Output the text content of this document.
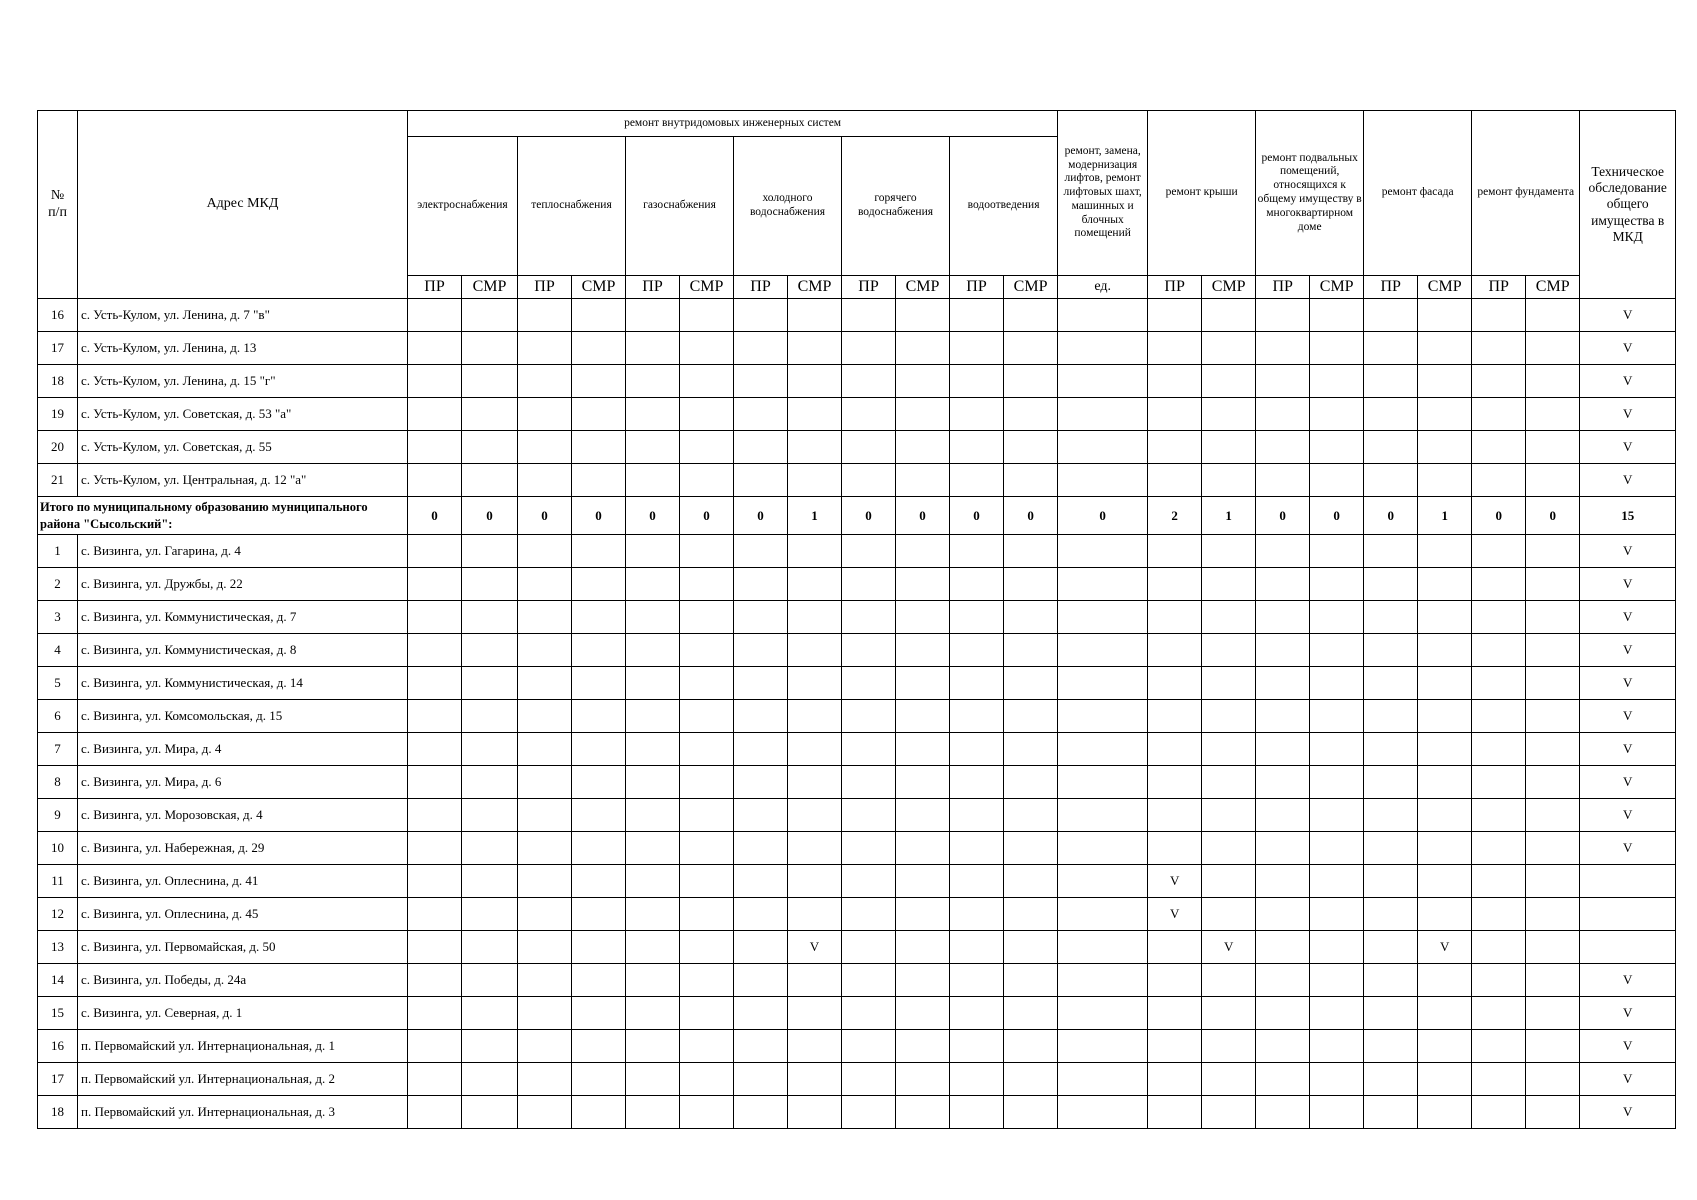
№
п/п	Адрес МКД	ремонт внутридомовых инженерных систем												ремонт, замена, модернизация лифтов, ремонт лифтовых шахт, машинных и блочных помещений	ремонт крыши		ремонт подвальных помещений, относящихся к общему имуществу в многоквартирном доме		ремонт фасада		ремонт фундамента		Техническое обследование общего имущества в МКД
		электроснабжения		теплоснабжения		газоснабжения		холодного водоснабжения		горячего водоснабжения		водоотведения											
		ПР	СМР	ПР	СМР	ПР	СМР	ПР	СМР	ПР	СМР	ПР	СМР	ед.	ПР	СМР	ПР	СМР	ПР	СМР	ПР	СМР	
16	с. Усть-Кулом, ул. Ленина, д. 7 "в"																						V
17	с. Усть-Кулом, ул. Ленина, д. 13																						V
18	с. Усть-Кулом, ул. Ленина, д. 15 "г"																						V
19	с. Усть-Кулом, ул. Советская, д. 53 "а"																						V
20	с. Усть-Кулом, ул. Советская, д. 55																						V
21	с. Усть-Кулом, ул. Центральная, д. 12 "а"																						V
Итого по муниципальному образованию муниципального района "Сысольский":		0	0	0	0	0	0	0	1	0	0	0	0	0	2	1	0	0	0	1	0	0	15
1	с. Визинга, ул. Гагарина, д. 4																						V
2	с. Визинга, ул. Дружбы, д. 22																						V
3	с. Визинга, ул. Коммунистическая, д. 7																						V
4	с. Визинга, ул. Коммунистическая, д. 8																						V
5	с. Визинга, ул. Коммунистическая, д. 14																						V
6	с. Визинга, ул. Комсомольская, д. 15																						V
7	с. Визинга, ул. Мира, д. 4																						V
8	с. Визинга, ул. Мира, д. 6																						V
9	с. Визинга, ул. Морозовская, д. 4																						V
10	с. Визинга, ул. Набережная, д. 29																						V
11	с. Визинга, ул. Оплеснина, д. 41														V								
12	с. Визинга, ул. Оплеснина, д. 45														V								
13	с. Визинга, ул. Первомайская, д. 50								V							V				V			
14	с. Визинга, ул. Победы, д. 24а																						V
15	с. Визинга, ул. Северная, д. 1																						V
16	п. Первомайский ул. Интернациональная, д. 1																						V
17	п. Первомайский ул. Интернациональная, д. 2																						V
18	п. Первомайский ул. Интернациональная, д. 3																						V
